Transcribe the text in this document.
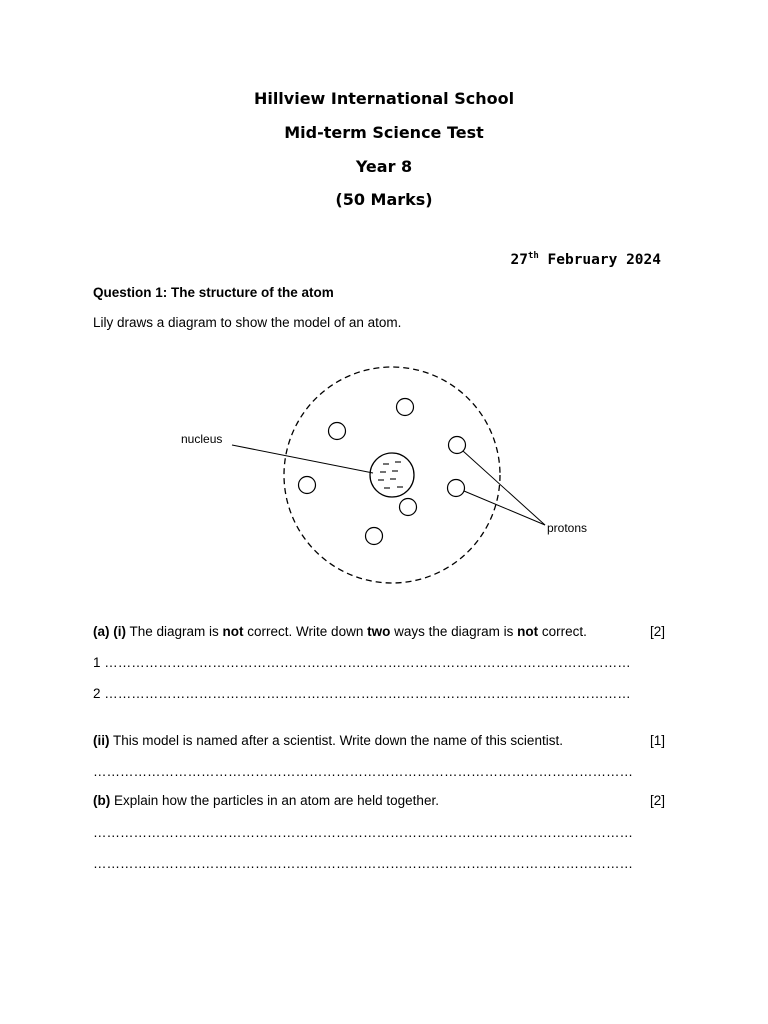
Hillview International School
Mid-term Science Test
Year 8
(50 Marks)
27th February 2024
Question 1: The structure of the atom
Lily draws a diagram to show the model of an atom.
nucleus
protons
(a) (i) The diagram is not correct. Write down two ways the diagram is not correct.	[2]
1 ………………………………………………………………………………………………………
2 ………………………………………………………………………………………………………
(ii) This model is named after a scientist. Write down the name of this scientist.	[1]
…………………………………………………………………………………………………………
(b) Explain how the particles in an atom are held together.	[2]
…………………………………………………………………………………………………………
…………………………………………………………………………………………………………
